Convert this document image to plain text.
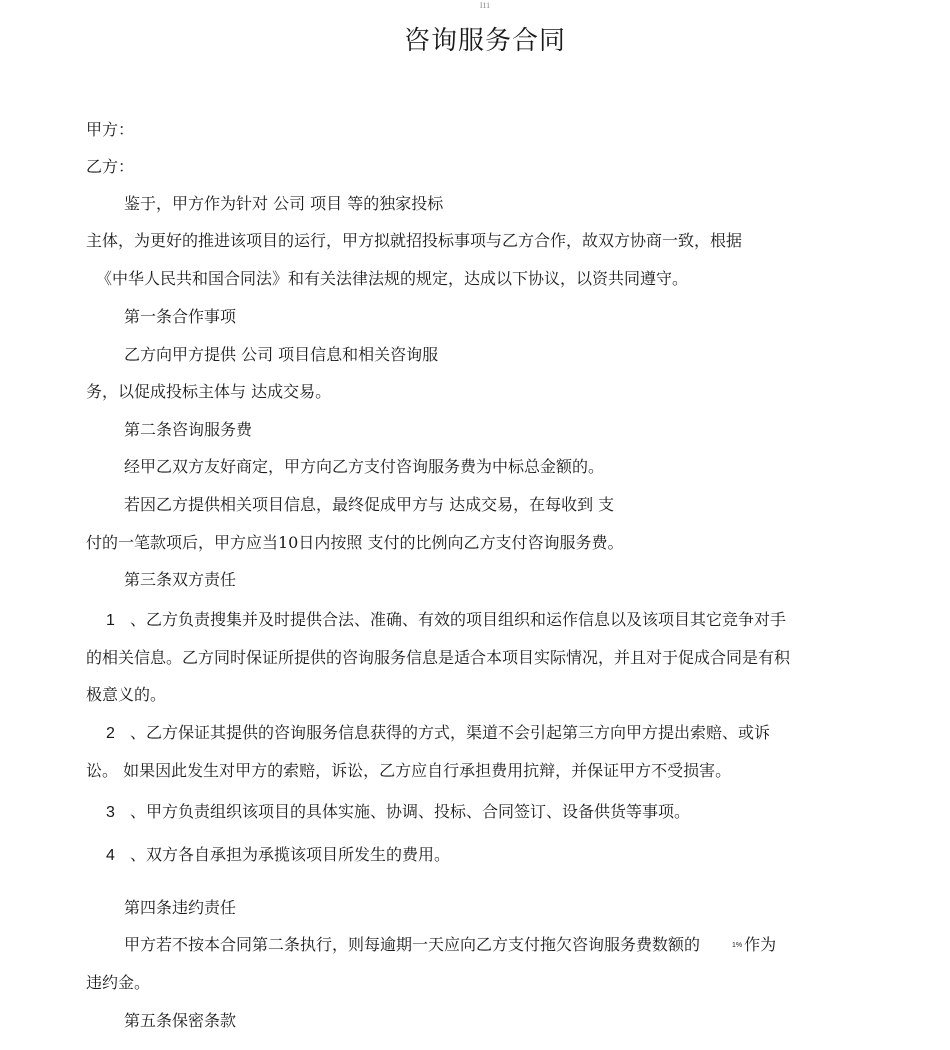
I11
咨询服务合同
甲方：
乙方：
鉴于，甲方作为针对 公司 项目 等的独家投标
主体，为更好的推进该项目的运行，甲方拟就招投标事项与乙方合作，故双方协商一致，根据
《中华人民共和国合同法》和有关法律法规的规定，达成以下协议，以资共同遵守。
第一条合作事项
乙方向甲方提供 公司 项目信息和相关咨询服
务，以促成投标主体与 达成交易。
第二条咨询服务费
经甲乙双方友好商定，甲方向乙方支付咨询服务费为中标总金额的。
若因乙方提供相关项目信息，最终促成甲方与 达成交易，在每收到 支
付的一笔款项后，甲方应当10日内按照 支付的比例向乙方支付咨询服务费。
第三条双方责任
1 、乙方负责搜集并及时提供合法、准确、有效的项目组织和运作信息以及该项目其它竞争对手
的相关信息。乙方同时保证所提供的咨询服务信息是适合本项目实际情况，并且对于促成合同是有积
极意义的。
2 、乙方保证其提供的咨询服务信息获得的方式，渠道不会引起第三方向甲方提出索赔、或诉
讼。 如果因此发生对甲方的索赔，诉讼，乙方应自行承担费用抗辩，并保证甲方不受损害。
3 、甲方负责组织该项目的具体实施、协调、投标、合同签订、设备供货等事项。
4 、双方各自承担为承揽该项目所发生的费用。
第四条违约责任
甲方若不按本合同第二条执行，则每逾期一天应向乙方支付拖欠咨询服务费数额的	1% 作为
违约金。
第五条保密条款
